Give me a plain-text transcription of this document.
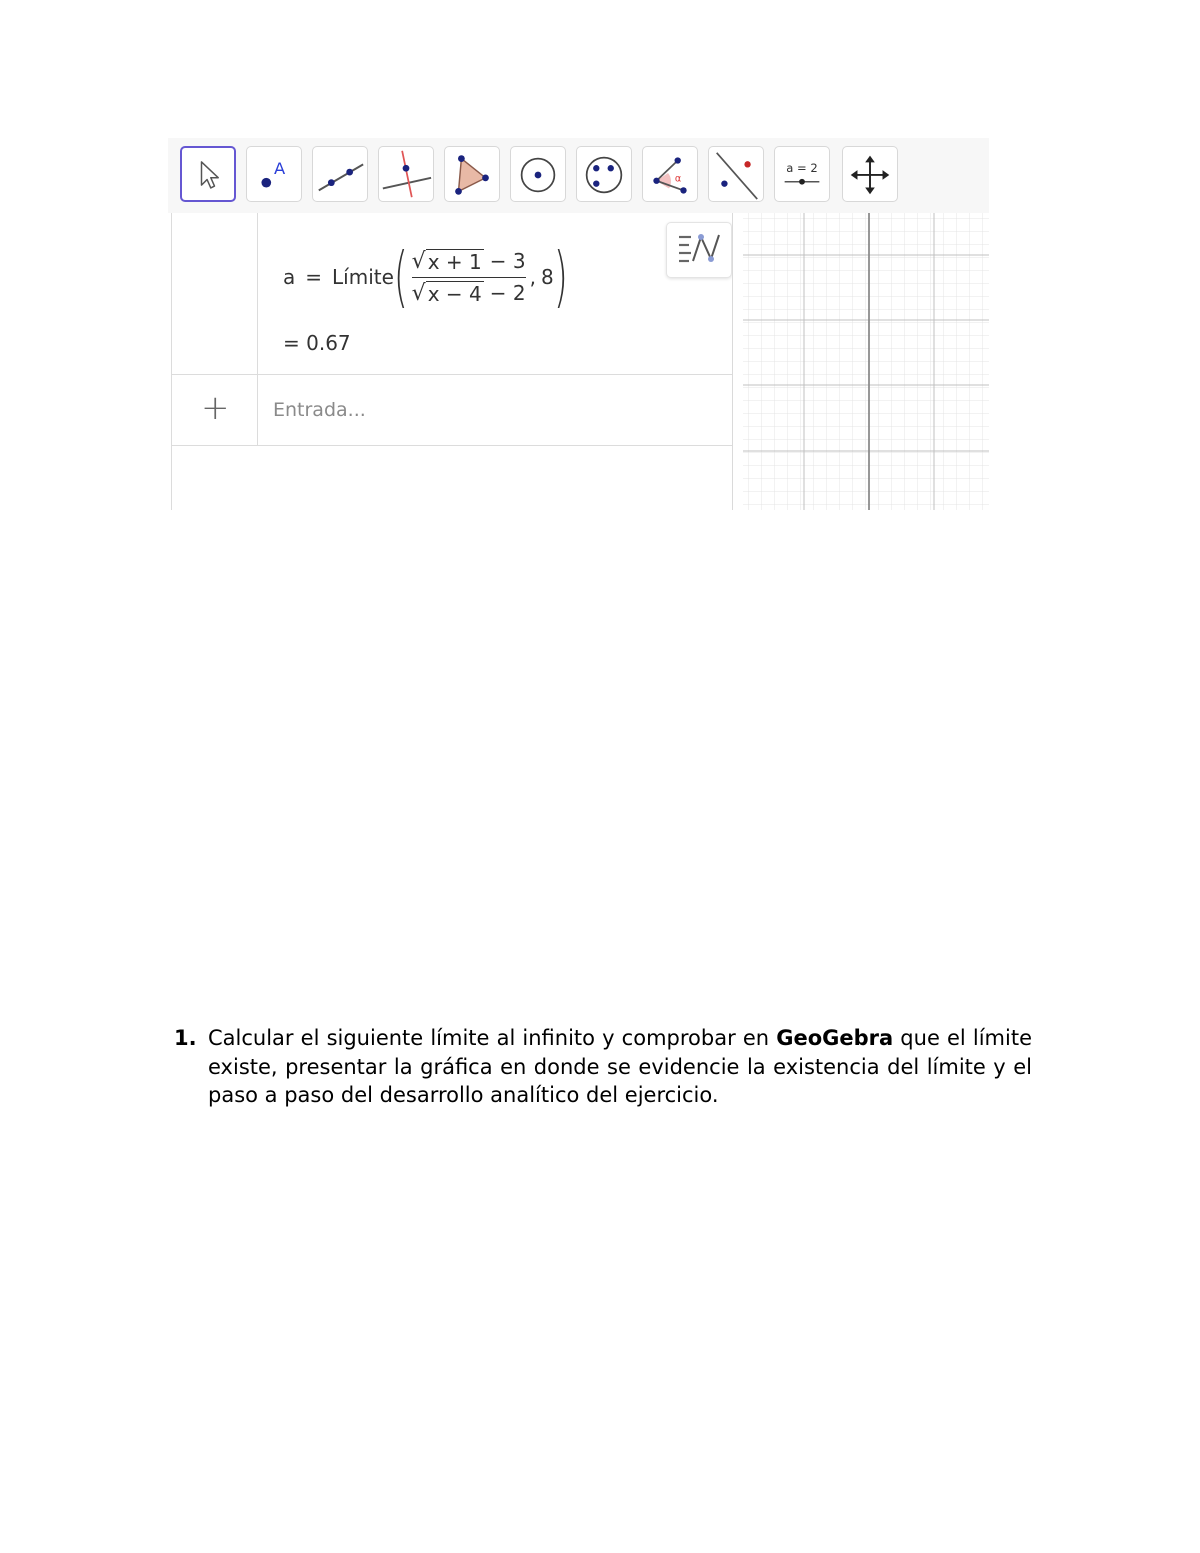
A
α
a = 2
a = Límite ( $\frac{√ x + 1 - 3}{√ x - 4 - 2}$ , 8 )
= 0.67
+ Entrada...
1. Calcular el siguiente límite al infinito y comprobar en GeoGebra que el límite existe, presentar la gráfica en donde se evidencie la existencia del límite y el paso a paso del desarrollo analítico del ejercicio.
